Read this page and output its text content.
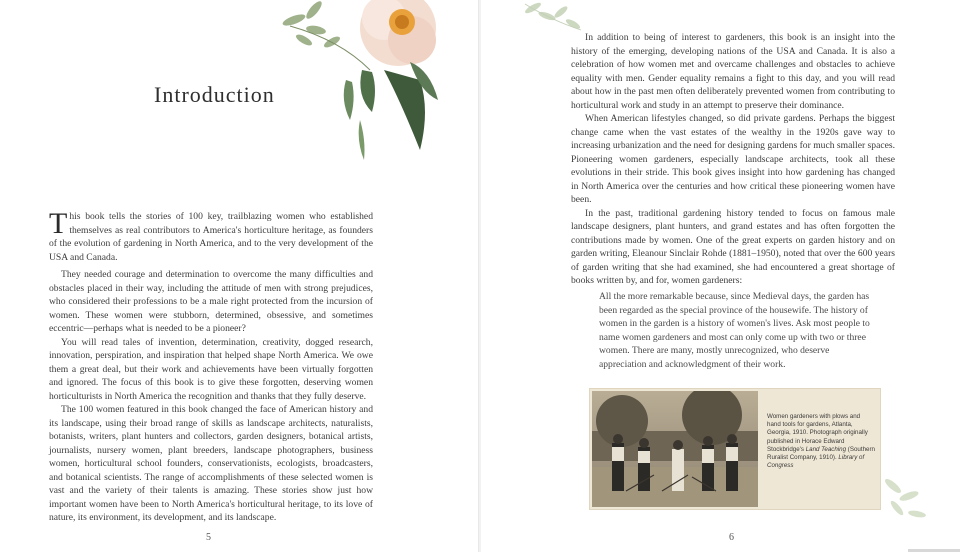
Introduction

This book tells the stories of 100 key, trailblazing women who established themselves as real contributors to America's horticulture heritage, as founders of the evolution of gardening in North America, and to the very development of the USA and Canada.

They needed courage and determination to overcome the many difficulties and obstacles placed in their way, including the attitude of men with strong prejudices, who considered their professions to be a male right protected from the incursion of women. These women were stubborn, determined, obsessive, and sometimes eccentric—perhaps what is needed to be a pioneer?

You will read tales of invention, determination, creativity, dogged research, innovation, perspiration, and inspiration that helped shape North America. We owe them a great deal, but their work and achievements have been virtually forgotten and ignored. The focus of this book is to give these forgotten, deserving women horticulturists in North America the recognition and thanks that they fully deserve.

The 100 women featured in this book changed the face of American history and its landscape, using their broad range of skills as landscape architects, naturalists, botanists, writers, plant hunters and collectors, garden designers, botanical artists, journalists, nursery women, plant breeders, landscape photographers, business women, horticultural school founders, conservationists, ecologists, broadcasters, and botanical scientists. The range of accomplishments of these selected women is vast and the variety of their talents is amazing. These stories show just how important women have been to North America's horticultural heritage, to its love of nature, its environment, its development, and its landscape.

5

In addition to being of interest to gardeners, this book is an insight into the history of the emerging, developing nations of the USA and Canada. It is also a celebration of how women met and overcame challenges and obstacles to achieve equality with men. Gender equality remains a fight to this day, and you will read about how in the past men often deliberately prevented women from contributing to horticultural work and study in an attempt to preserve their dominance.

When American lifestyles changed, so did private gardens. Perhaps the biggest change came when the vast estates of the wealthy in the 1920s gave way to increasing urbanization and the need for designing gardens for much smaller spaces. Pioneering women gardeners, especially landscape architects, took all these evolutions in their stride. This book gives insight into how gardening has changed in North America over the centuries and how critical these pioneering women have been.

In the past, traditional gardening history tended to focus on famous male landscape designers, plant hunters, and grand estates and has often forgotten the contributions made by women. One of the great experts on garden history and on garden writing, Eleanour Sinclair Rohde (1881–1950), noted that over the 600 years of garden writing that she had examined, she had encountered a great shortage of books written by, and for, women gardeners:

All the more remarkable because, since Medieval days, the garden has been regarded as the special province of the housewife. The history of women in the garden is a history of women's lives. Ask most people to name women gardeners and most can only come up with two or three women. There are many, mostly unrecognized, who deserve appreciation and acknowledgment of their work.
Women gardeners with plows and hand tools for gardens, Atlanta, Georgia, 1910. Photograph originally published in Horace Edward Stockbridge's Land Teaching (Southern Ruralist Company, 1910). Library of Congress
6
